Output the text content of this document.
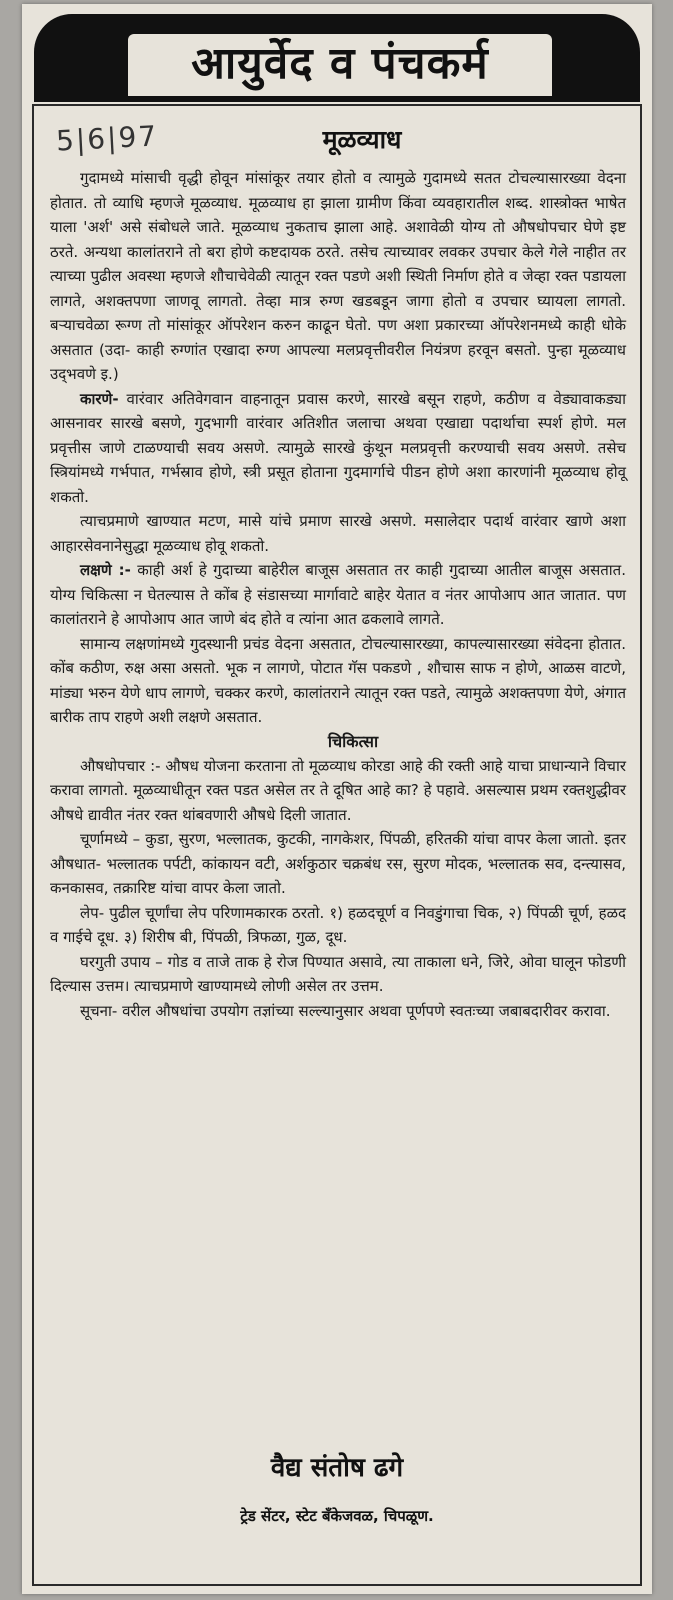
आयुर्वेद व पंचकर्म
5|6|97	मूळव्याध

गुदामध्ये मांसाची वृद्धी होवून मांसांकूर तयार होतो व त्यामुळे गुदामध्ये सतत टोचल्यासारख्या वेदना होतात. तो व्याधि म्हणजे मूळव्याध. मूळव्याध हा झाला ग्रामीण किंवा व्यवहारातील शब्द. शास्त्रोक्त भाषेत याला 'अर्श' असे संबोधले जाते. मूळव्याध नुकताच झाला आहे. अशावेळी योग्य तो औषधोपचार घेणे इष्ट ठरते. अन्यथा कालांतराने तो बरा होणे कष्टदायक ठरते. तसेच त्याच्यावर लवकर उपचार केले गेले नाहीत तर त्याच्या पुढील अवस्था म्हणजे शौचाचेवेळी त्यातून रक्त पडणे अशी स्थिती निर्माण होते व जेव्हा रक्त पडायला लागते, अशक्तपणा जाणवू लागतो. तेव्हा मात्र रुग्ण खडबडून जागा होतो व उपचार घ्यायला लागतो. बऱ्याचवेळा रूग्ण तो मांसांकूर ऑपरेशन करुन काढून घेतो. पण अशा प्रकारच्या ऑपरेशनमध्ये काही धोके असतात (उदा- काही रुग्णांत एखादा रुग्ण आपल्या मलप्रवृत्तीवरील नियंत्रण हरवून बसतो. पुन्हा मूळव्याध उद्‌भवणे इ.)

कारणे- वारंवार अतिवेगवान वाहनातून प्रवास करणे, सारखे बसून राहणे, कठीण व वेड्यावाकड्या आसनावर सारखे बसणे, गुदभागी वारंवार अतिशीत जलाचा अथवा एखाद्या पदार्थाचा स्पर्श होणे. मल प्रवृत्तीस जाणे टाळण्याची सवय असणे. त्यामुळे सारखे कुंथून मलप्रवृत्ती करण्याची सवय असणे. तसेच स्त्रियांमध्ये गर्भपात, गर्भस्राव होणे, स्त्री प्रसूत होताना गुदमार्गाचे पीडन होणे अशा कारणांनी मूळव्याध होवू शकतो.

त्याचप्रमाणे खाण्यात मटण, मासे यांचे प्रमाण सारखे असणे. मसालेदार पदार्थ वारंवार खाणे अशा आहारसेवनानेसुद्धा मूळव्याध होवू शकतो.

लक्षणे :- काही अर्श हे गुदाच्या बाहेरील बाजूस असतात तर काही गुदाच्या आतील बाजूस असतात. योग्य चिकित्सा न घेतल्यास ते कोंब हे संडासच्या मार्गावाटे बाहेर येतात व नंतर आपोआप आत जातात. पण कालांतराने हे आपोआप आत जाणे बंद होते व त्यांना आत ढकलावे लागते.

सामान्य लक्षणांमध्ये गुदस्थानी प्रचंड वेदना असतात, टोचल्यासारख्या, कापल्यासारख्या संवेदना होतात. कोंब कठीण, रुक्ष असा असतो. भूक न लागणे, पोटात गॅस पकडणे , शौचास साफ न होणे, आळस वाटणे, मांड्या भरुन येणे धाप लागणे, चक्कर करणे, कालांतराने त्यातून रक्त पडते, त्यामुळे अशक्तपणा येणे, अंगात बारीक ताप राहणे अशी लक्षणे असतात.

चिकित्सा

औषधोपचार :- औषध योजना करताना तो मूळव्याध कोरडा आहे की रक्ती आहे याचा प्राधान्याने विचार करावा लागतो. मूळव्याधीतून रक्त पडत असेल तर ते दूषित आहे का? हे पहावे. असल्यास प्रथम रक्तशुद्धीवर औषधे द्यावीत नंतर रक्त थांबवणारी औषधे दिली जातात.

चूर्णामध्ये – कुडा, सुरण, भल्लातक, कुटकी, नागकेशर, पिंपळी, हरितकी यांचा वापर केला जातो. इतर औषधात- भल्लातक पर्पटी, कांकायन वटी, अर्शकुठार चक्रबंध रस, सुरण मोदक, भल्लातक सव, दन्त्यासव, कनकासव, तक्रारिष्ट यांचा वापर केला जातो.

लेप- पुढील चूर्णांचा लेप परिणामकारक ठरतो. १) हळदचूर्ण व निवडुंगाचा चिक, २) पिंपळी चूर्ण, हळद व गाईचे दूध. ३) शिरीष बी, पिंपळी, त्रिफळा, गुळ, दूध.

घरगुती उपाय – गोड व ताजे ताक हे रोज पिण्यात असावे, त्या ताकाला धने, जिरे, ओवा घालून फोडणी दिल्यास उत्तम। त्याचप्रमाणे खाण्यामध्ये लोणी असेल तर उत्तम.

सूचना- वरील औषधांचा उपयोग तज्ञांच्या सल्ल्यानुसार अथवा पूर्णपणे स्वतःच्या जबाबदारीवर करावा.

वैद्य संतोष ढगे
ट्रेड सेंटर, स्टेट बँकेजवळ, चिपळूण.
